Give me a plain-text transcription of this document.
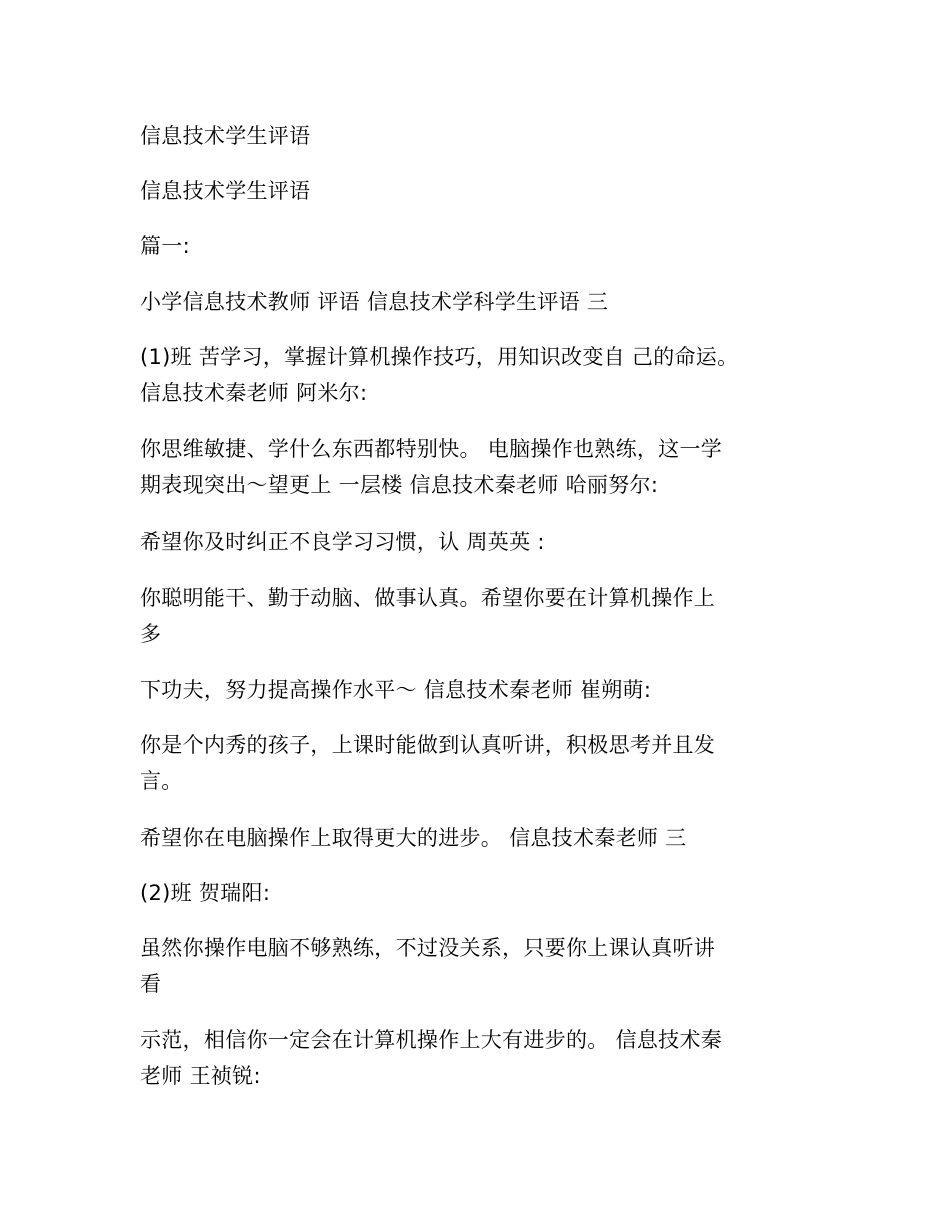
信息技术学生评语
信息技术学生评语
篇一:
小学信息技术教师 评语 信息技术学科学生评语 三
(1)班 苦学习，掌握计算机操作技巧，用知识改变自 己的命运。
信息技术秦老师 阿米尔:
你思维敏捷、学什么东西都特别快。 电脑操作也熟练，这一学
期表现突出～望更上 一层楼 信息技术秦老师 哈丽努尔:
希望你及时纠正不良学习习惯，认 周英英 :
你聪明能干、勤于动脑、做事认真。希望你要在计算机操作上
多
下功夫，努力提高操作水平～ 信息技术秦老师 崔朔萌:
你是个内秀的孩子，上课时能做到认真听讲，积极思考并且发
言。
希望你在电脑操作上取得更大的进步。 信息技术秦老师 三
(2)班 贺瑞阳:
虽然你操作电脑不够熟练，不过没关系，只要你上课认真听讲
看
示范，相信你一定会在计算机操作上大有进步的。 信息技术秦
老师 王祯锐:
